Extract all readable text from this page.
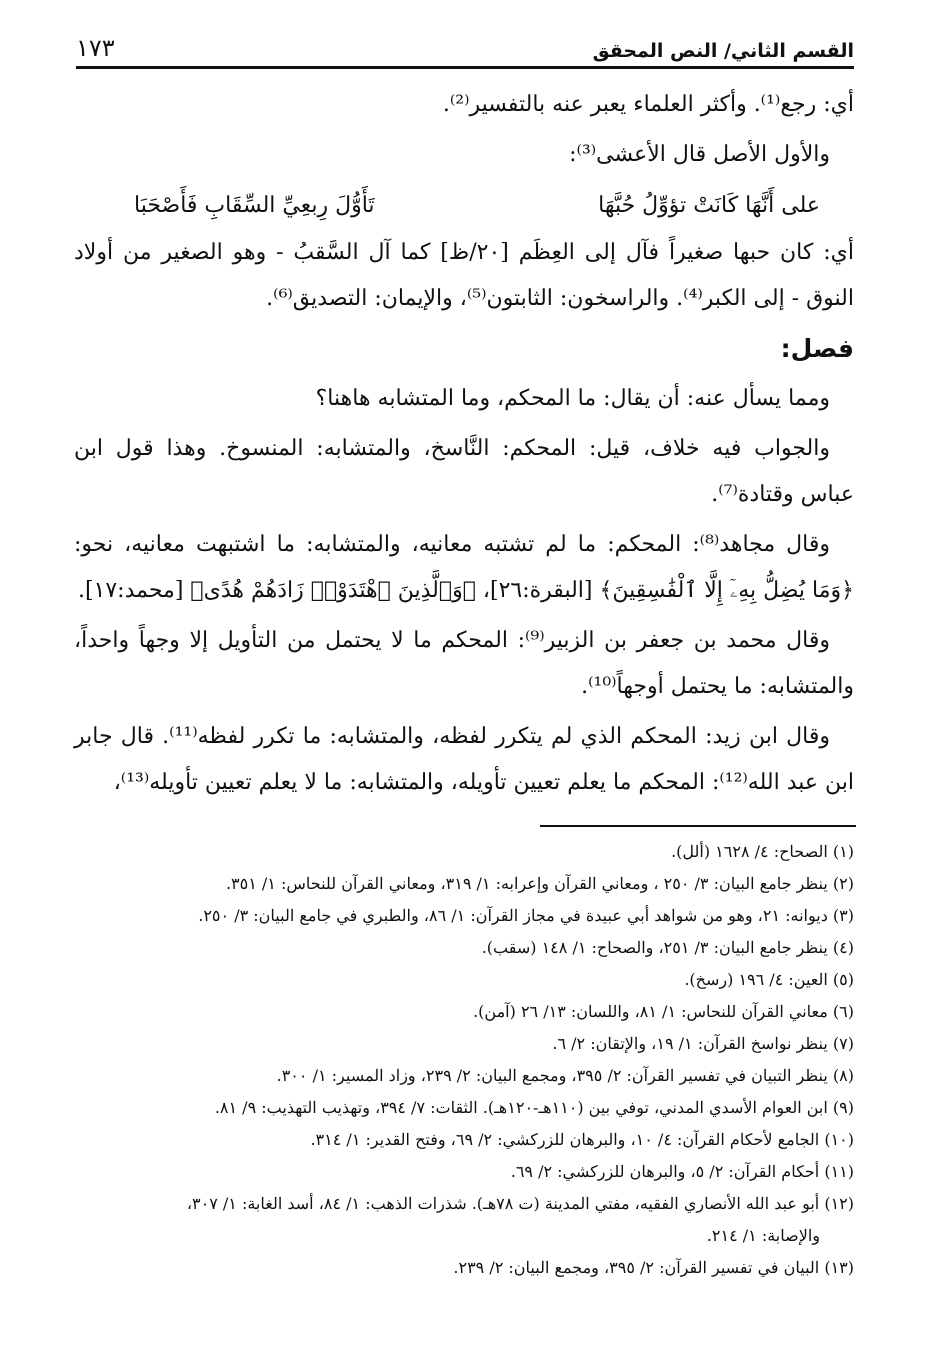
القسم الثاني/ النص المحقق
١٧٣

أي: رجع⁽¹⁾. وأكثر العلماء يعبر عنه بالتفسير⁽²⁾.

والأول الأصل قال الأعشى⁽³⁾:

على أَنَّهَا كَانَتْ تؤوِّلُ حُبَّهَا
تَأَوُّلَ رِبعِيِّ السِّقَابِ فَأَصْحَبَا

أي: كان حبها صغيراً فآل إلى العِظَم [٢٠/ظ] كما آل السَّقبُ - وهو الصغير من أولاد النوق - إلى الكبر⁽⁴⁾. والراسخون: الثابتون⁽⁵⁾، والإيمان: التصديق⁽⁶⁾.

فصل:

ومما يسأل عنه: أن يقال: ما المحكم، وما المتشابه هاهنا؟

والجواب فيه خلاف، قيل: المحكم: النَّاسخ، والمتشابه: المنسوخ. وهذا قول ابن عباس وقتادة⁽⁷⁾.

وقال مجاهد⁽⁸⁾: المحكم: ما لم تشتبه معانيه، والمتشابه: ما اشتبهت معانيه، نحو: ﴿وَمَا يُضِلُّ بِهِۦٓ إِلَّا ٱلْفَٰسِقِينَ﴾ [البقرة:٢٦]، ﴿وَٱلَّذِينَ ٱهْتَدَوْا۟ زَادَهُمْ هُدًى﴾ [محمد:١٧].

وقال محمد بن جعفر بن الزبير⁽⁹⁾: المحكم ما لا يحتمل من التأويل إلا وجهاً واحداً، والمتشابه: ما يحتمل أوجهاً⁽¹⁰⁾.

وقال ابن زيد: المحكم الذي لم يتكرر لفظه، والمتشابه: ما تكرر لفظه⁽¹¹⁾. قال جابر ابن عبد الله⁽¹²⁾: المحكم ما يعلم تعيين تأويله، والمتشابه: ما لا يعلم تعيين تأويله⁽¹³⁾،

(١) الصحاح: ٤/ ١٦٢٨ (ألل).

(٢) ينظر جامع البيان: ٣/ ٢٥٠ ، ومعاني القرآن وإعرابه: ١/ ٣١٩، ومعاني القرآن للنحاس: ١/ ٣٥١.

(٣) ديوانه: ٢١، وهو من شواهد أبي عبيدة في مجاز القرآن: ١/ ٨٦، والطبري في جامع البيان: ٣/ ٢٥٠.

(٤) ينظر جامع البيان: ٣/ ٢٥١، والصحاح: ١/ ١٤٨ (سقب).

(٥) العين: ٤/ ١٩٦ (رسخ).

(٦) معاني القرآن للنحاس: ١/ ٨١، واللسان: ١٣/ ٢٦ (آمن).

(٧) ينظر نواسخ القرآن: ١/ ١٩، والإتقان: ٢/ ٦.

(٨) ينظر التبيان في تفسير القرآن: ٢/ ٣٩٥، ومجمع البيان: ٢/ ٢٣٩، وزاد المسير: ١/ ٣٠٠.

(٩) ابن العوام الأسدي المدني، توفي بين (١١٠هـ-١٢٠هـ). الثقات: ٧/ ٣٩٤، وتهذيب التهذيب: ٩/ ٨١.

(١٠) الجامع لأحكام القرآن: ٤/ ١٠، والبرهان للزركشي: ٢/ ٦٩، وفتح القدير: ١/ ٣١٤.

(١١) أحكام القرآن: ٢/ ٥، والبرهان للزركشي: ٢/ ٦٩.

(١٢) أبو عبد الله الأنصاري الفقيه، مفتي المدينة (ت ٧٨هـ). شذرات الذهب: ١/ ٨٤، أسد الغابة: ١/ ٣٠٧،

والإصابة: ١/ ٢١٤.

(١٣) البيان في تفسير القرآن: ٢/ ٣٩٥، ومجمع البيان: ٢/ ٢٣٩.
